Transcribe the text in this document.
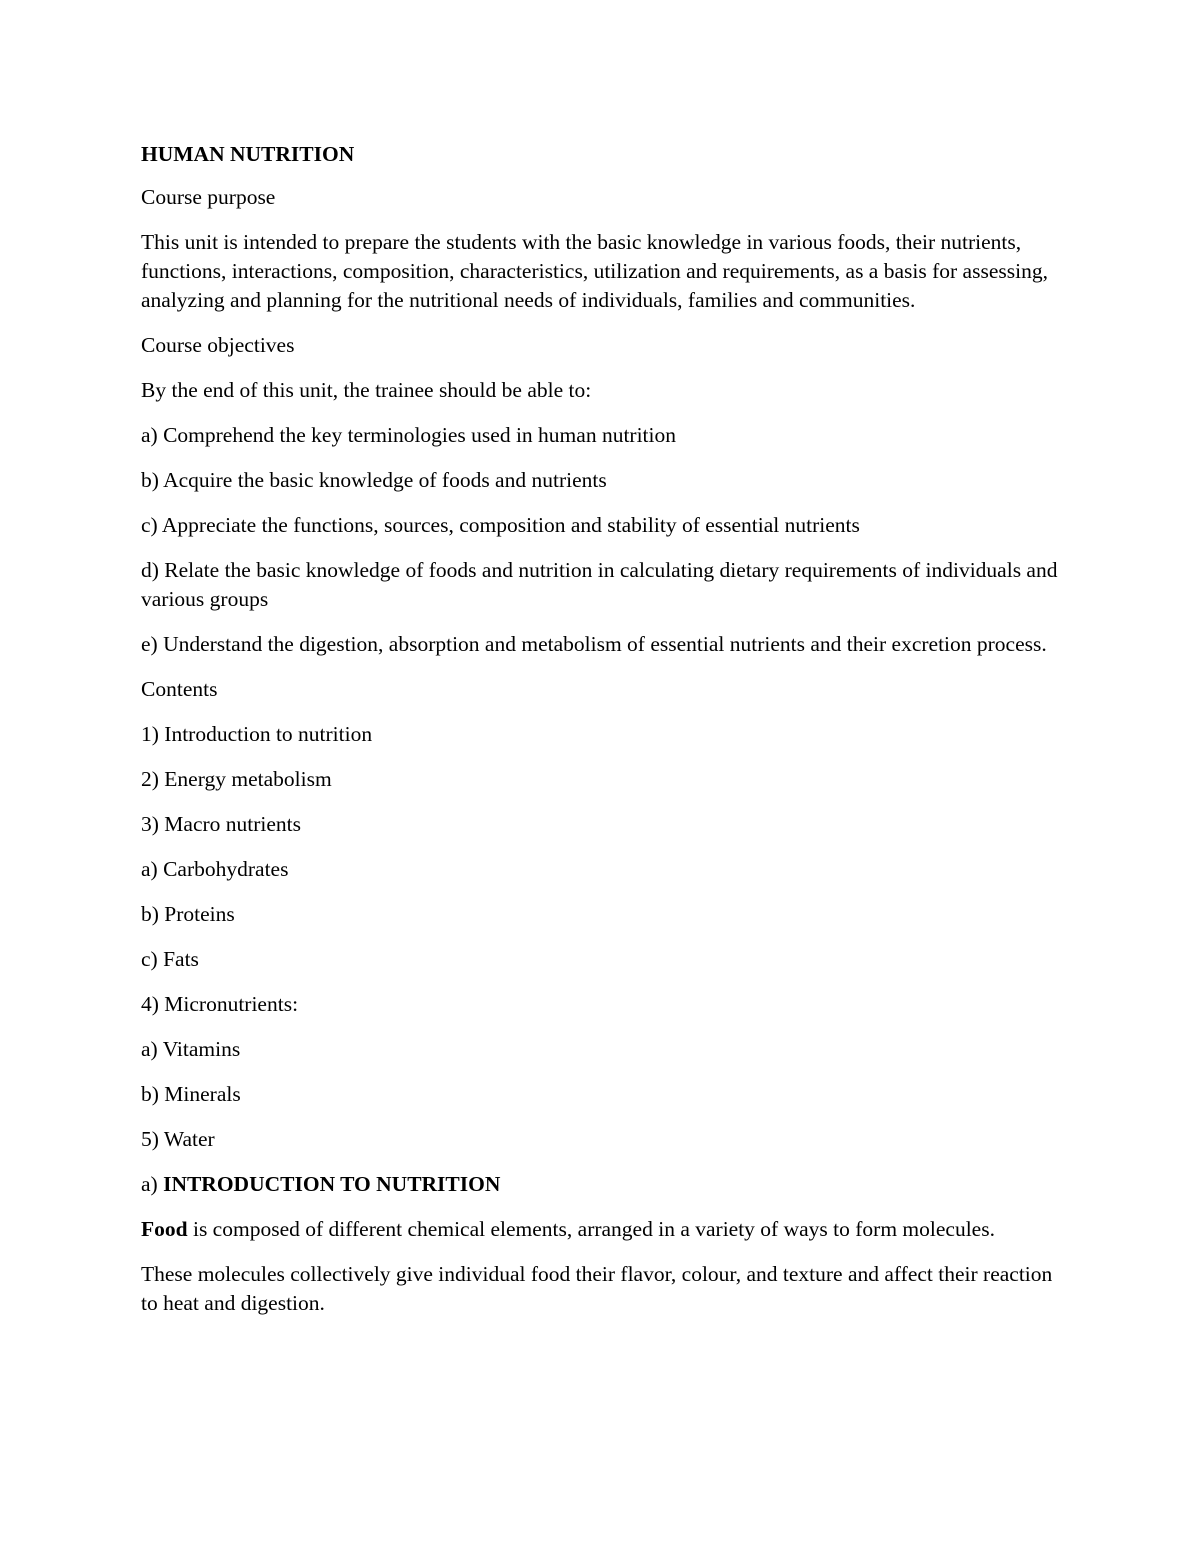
HUMAN NUTRITION

Course purpose

This unit is intended to prepare the students with the basic knowledge in various foods, their nutrients, functions, interactions, composition, characteristics, utilization and requirements, as a basis for assessing, analyzing and planning for the nutritional needs of individuals, families and communities.

Course objectives

By the end of this unit, the trainee should be able to:

a) Comprehend the key terminologies used in human nutrition

b) Acquire the basic knowledge of foods and nutrients

c) Appreciate the functions, sources, composition and stability of essential nutrients

d) Relate the basic knowledge of foods and nutrition in calculating dietary requirements of individuals and various groups

e) Understand the digestion, absorption and metabolism of essential nutrients and their excretion process.

Contents

1) Introduction to nutrition

2) Energy metabolism

3) Macro nutrients

a) Carbohydrates

b) Proteins

c) Fats

4) Micronutrients:

a) Vitamins

b) Minerals

5) Water

a) INTRODUCTION TO NUTRITION

Food is composed of different chemical elements, arranged in a variety of ways to form molecules.

These molecules collectively give individual food their flavor, colour, and texture and affect their reaction to heat and digestion.
